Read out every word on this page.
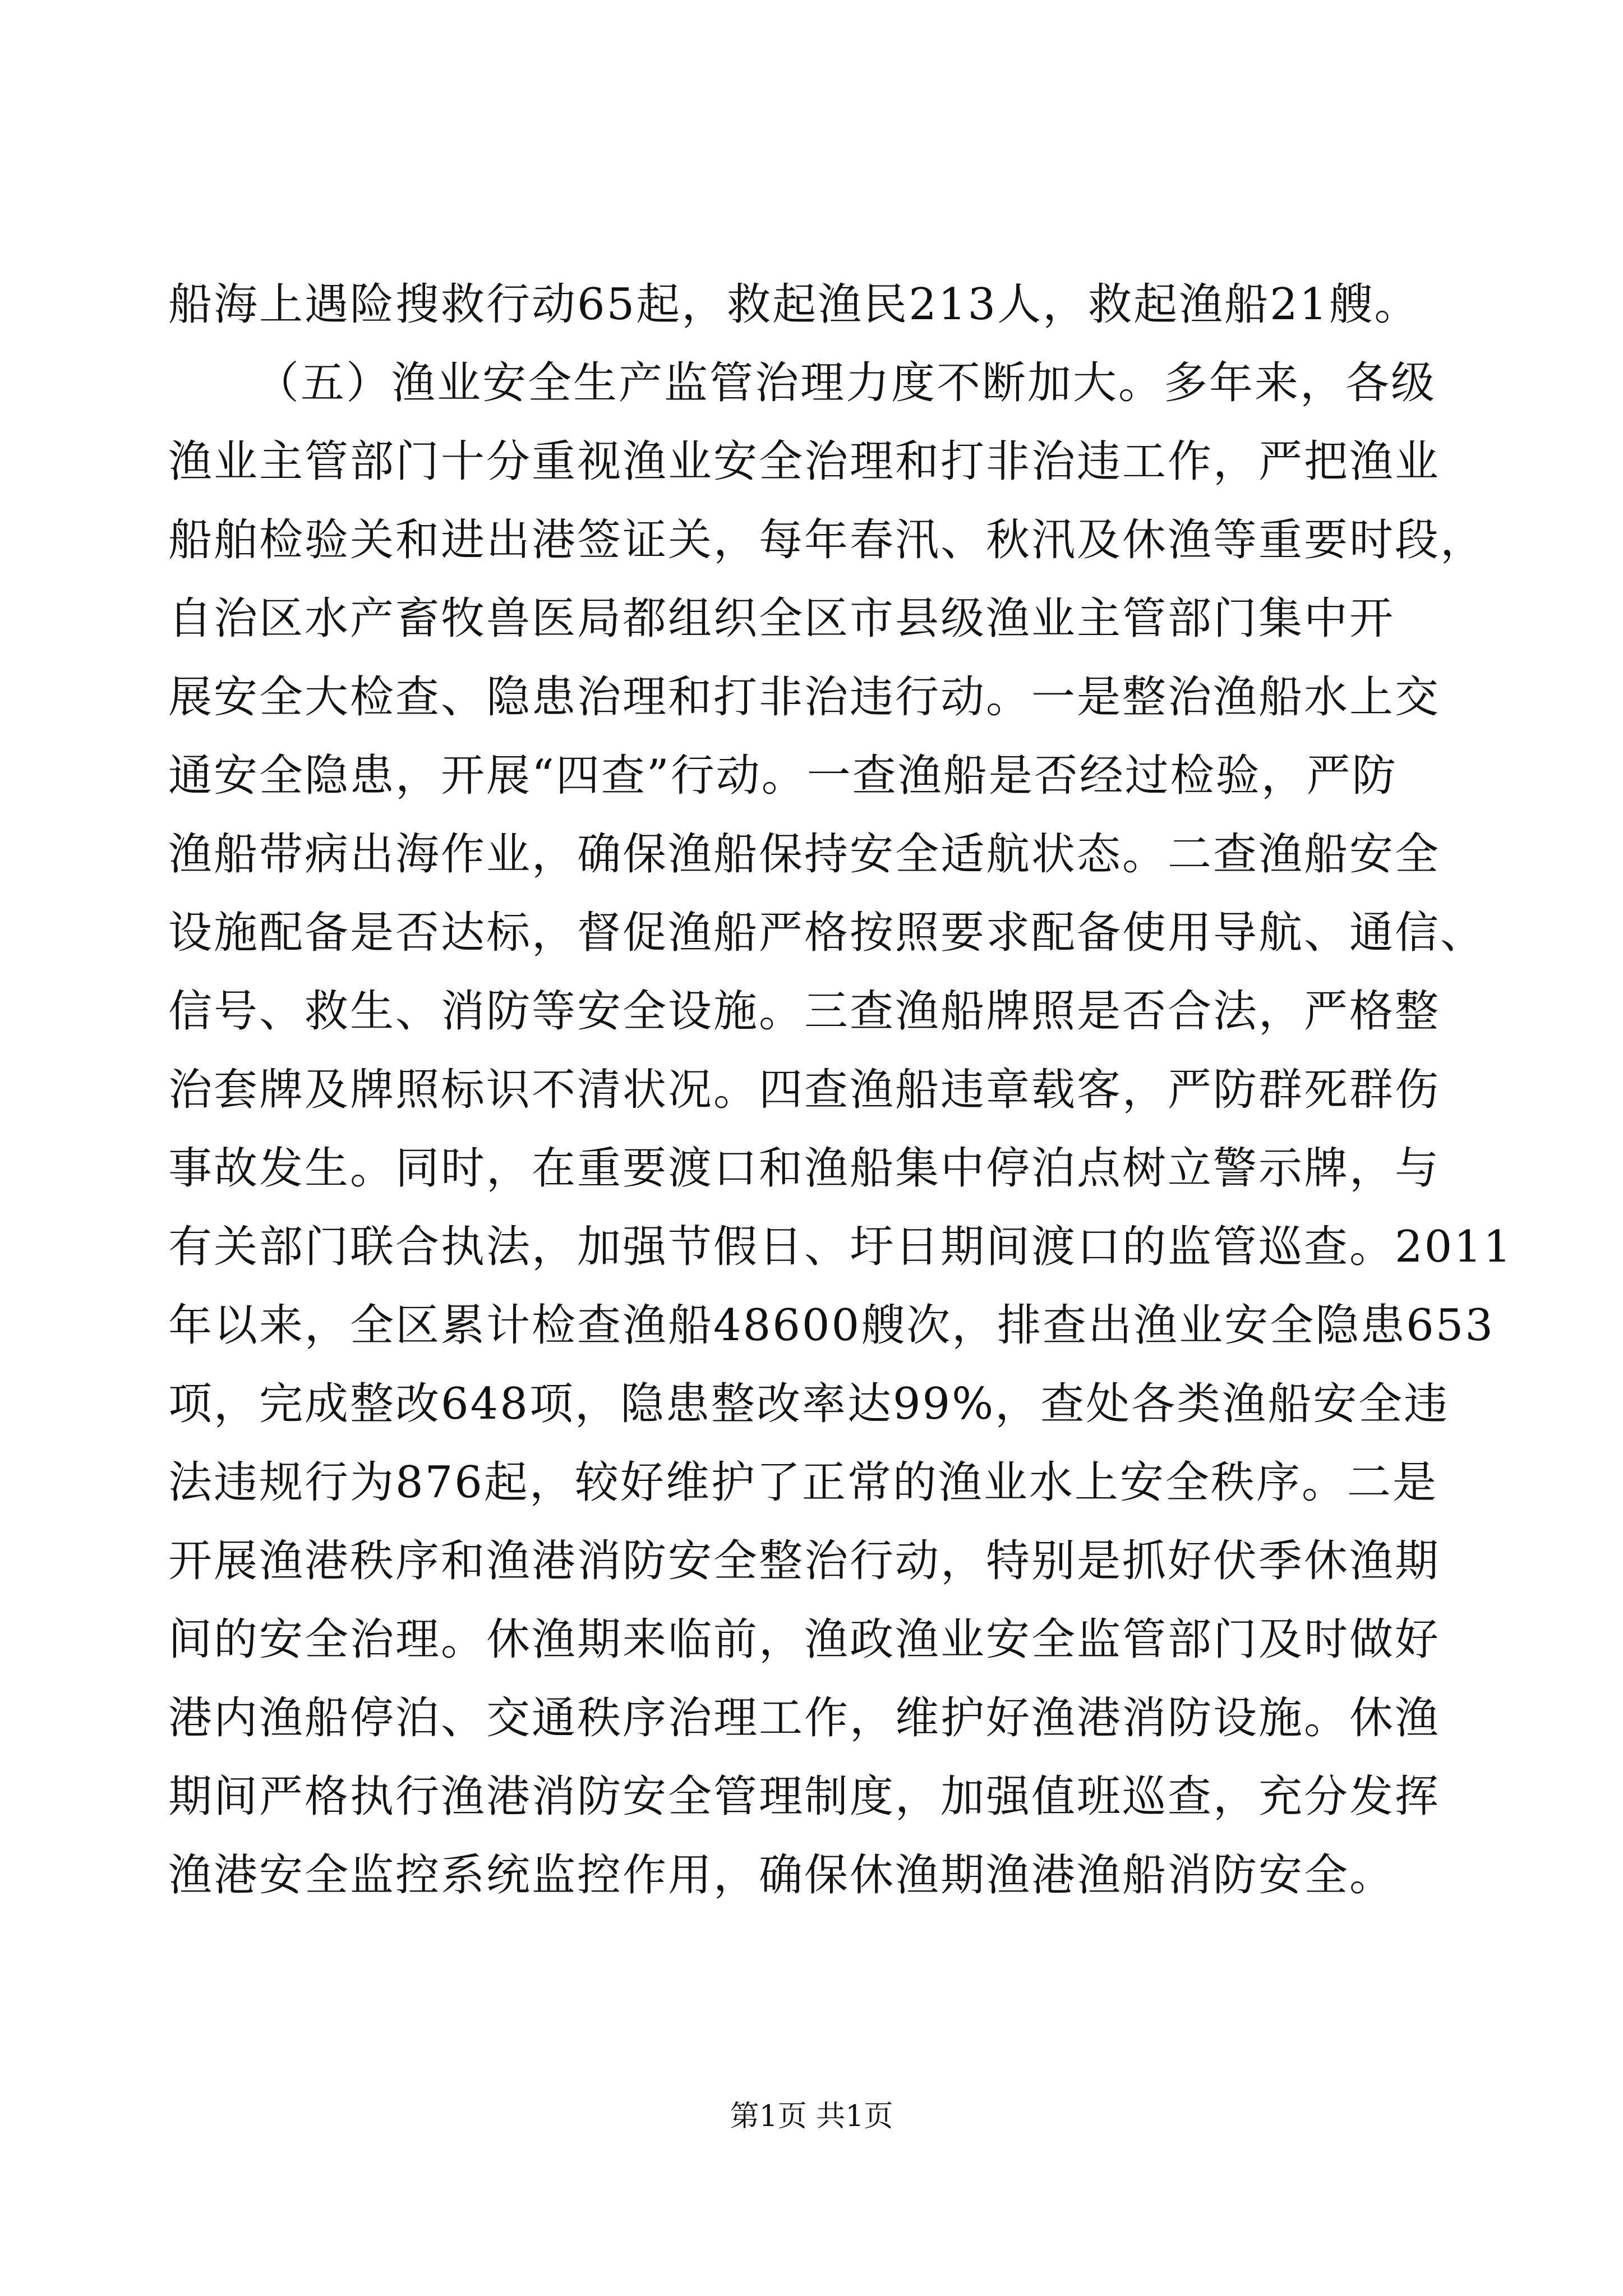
船海上遇险搜救行动65起，救起渔民213人，救起渔船21艘。
（五）渔业安全生产监管治理力度不断加大。多年来，各级
渔业主管部门十分重视渔业安全治理和打非治违工作，严把渔业
船舶检验关和进出港签证关，每年春汛、秋汛及休渔等重要时段，
自治区水产畜牧兽医局都组织全区市县级渔业主管部门集中开
展安全大检查、隐患治理和打非治违行动。一是整治渔船水上交
通安全隐患，开展“四查”行动。一查渔船是否经过检验，严防
渔船带病出海作业，确保渔船保持安全适航状态。二查渔船安全
设施配备是否达标，督促渔船严格按照要求配备使用导航、通信、
信号、救生、消防等安全设施。三查渔船牌照是否合法，严格整
治套牌及牌照标识不清状况。四查渔船违章载客，严防群死群伤
事故发生。同时，在重要渡口和渔船集中停泊点树立警示牌，与
有关部门联合执法，加强节假日、圩日期间渡口的监管巡查。2011
年以来，全区累计检查渔船48600艘次，排查出渔业安全隐患653
项，完成整改648项，隐患整改率达99%，查处各类渔船安全违
法违规行为876起，较好维护了正常的渔业水上安全秩序。二是
开展渔港秩序和渔港消防安全整治行动，特别是抓好伏季休渔期
间的安全治理。休渔期来临前，渔政渔业安全监管部门及时做好
港内渔船停泊、交通秩序治理工作，维护好渔港消防设施。休渔
期间严格执行渔港消防安全管理制度，加强值班巡查，充分发挥
渔港安全监控系统监控作用，确保休渔期渔港渔船消防安全。
第1页 共1页
